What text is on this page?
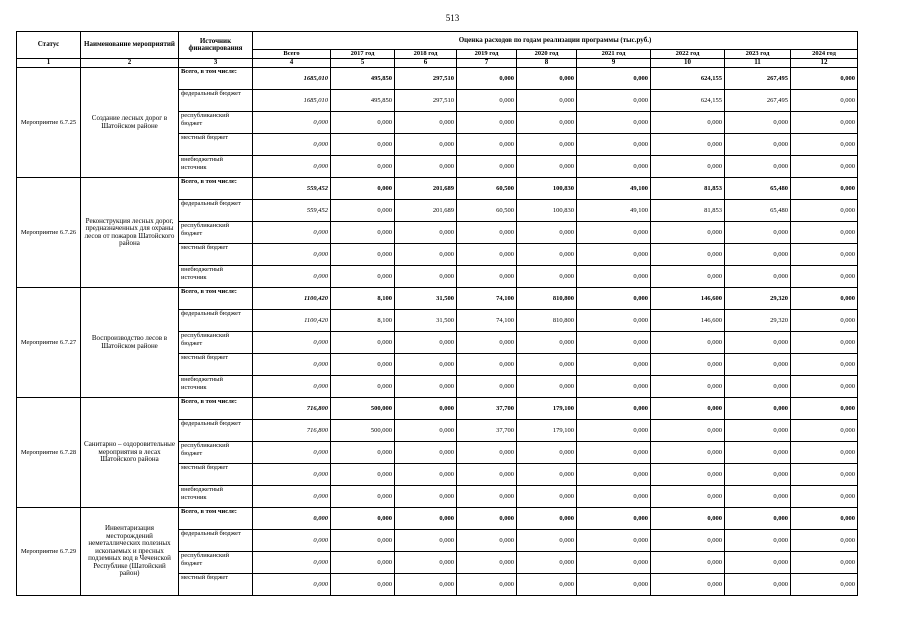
513
Статус	Наименование мероприятий	Источник финансирования	Оценка расходов по годам реализации программы (тыс.руб.)								
			Всего	2017 год	2018 год	2019 год	2020 год	2021 год	2022 год	2023 год	2024 год
1	2	3	4	5	6	7	8	9	10	11	12
Мероприятие 6.7.25	Создание лесных дорог в Шатойском районе	Всего, в том числе:	1685,010	495,850	297,510	0,000	0,000	0,000	624,155	267,495	0,000
		федеральный бюджет	1685,010	495,850	297,510	0,000	0,000	0,000	624,155	267,495	0,000
		республиканский бюджет	0,000	0,000	0,000	0,000	0,000	0,000	0,000	0,000	0,000
		местный бюджет	0,000	0,000	0,000	0,000	0,000	0,000	0,000	0,000	0,000
		внебюджетный источник	0,000	0,000	0,000	0,000	0,000	0,000	0,000	0,000	0,000
Мероприятие 6.7.26	Реконструкция лесных дорог, предназначенных для охраны лесов от пожаров Шатойского района	Всего, в том числе:	559,452	0,000	201,689	60,500	100,830	49,100	81,853	65,480	0,000
		федеральный бюджет	559,452	0,000	201,689	60,500	100,830	49,100	81,853	65,480	0,000
		республиканский бюджет	0,000	0,000	0,000	0,000	0,000	0,000	0,000	0,000	0,000
		местный бюджет	0,000	0,000	0,000	0,000	0,000	0,000	0,000	0,000	0,000
		внебюджетный источник	0,000	0,000	0,000	0,000	0,000	0,000	0,000	0,000	0,000
Мероприятие 6.7.27	Воспроизводство лесов в Шатойском районе	Всего, в том числе:	1100,420	8,100	31,500	74,100	810,800	0,000	146,600	29,320	0,000
		федеральный бюджет	1100,420	8,100	31,500	74,100	810,800	0,000	146,600	29,320	0,000
		республиканский бюджет	0,000	0,000	0,000	0,000	0,000	0,000	0,000	0,000	0,000
		местный бюджет	0,000	0,000	0,000	0,000	0,000	0,000	0,000	0,000	0,000
		внебюджетный источник	0,000	0,000	0,000	0,000	0,000	0,000	0,000	0,000	0,000
Мероприятие 6.7.28	Санитарно – оздоровительные мероприятия в лесах Шатойского района	Всего, в том числе:	716,800	500,000	0,000	37,700	179,100	0,000	0,000	0,000	0,000
		федеральный бюджет	716,800	500,000	0,000	37,700	179,100	0,000	0,000	0,000	0,000
		республиканский бюджет	0,000	0,000	0,000	0,000	0,000	0,000	0,000	0,000	0,000
		местный бюджет	0,000	0,000	0,000	0,000	0,000	0,000	0,000	0,000	0,000
		внебюджетный источник	0,000	0,000	0,000	0,000	0,000	0,000	0,000	0,000	0,000
Мероприятие 6.7.29	Инвентаризация месторождений неметаллических полезных ископаемых и пресных подземных вод в Чеченской Республике (Шатойский район)	Всего, в том числе:	0,000	0,000	0,000	0,000	0,000	0,000	0,000	0,000	0,000
		федеральный бюджет	0,000	0,000	0,000	0,000	0,000	0,000	0,000	0,000	0,000
		республиканский бюджет	0,000	0,000	0,000	0,000	0,000	0,000	0,000	0,000	0,000
		местный бюджет	0,000	0,000	0,000	0,000	0,000	0,000	0,000	0,000	0,000
